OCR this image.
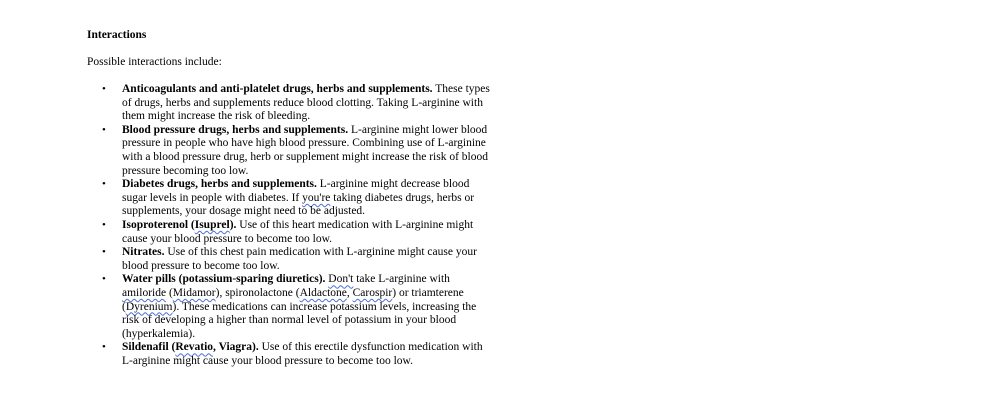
Interactions

Possible interactions include:

• Anticoagulants and anti-platelet drugs, herbs and supplements. These types of drugs, herbs and supplements reduce blood clotting. Taking L-arginine with them might increase the risk of bleeding.
• Blood pressure drugs, herbs and supplements. L-arginine might lower blood pressure in people who have high blood pressure. Combining use of L-arginine with a blood pressure drug, herb or supplement might increase the risk of blood pressure becoming too low.
• Diabetes drugs, herbs and supplements. L-arginine might decrease blood sugar levels in people with diabetes. If you're taking diabetes drugs, herbs or supplements, your dosage might need to be adjusted.
• Isoproterenol (Isuprel). Use of this heart medication with L-arginine might cause your blood pressure to become too low.
• Nitrates. Use of this chest pain medication with L-arginine might cause your blood pressure to become too low.
• Water pills (potassium-sparing diuretics). Don't take L-arginine with amiloride (Midamor), spironolactone (Aldactone, Carospir) or triamterene (Dyrenium). These medications can increase potassium levels, increasing the risk of developing a higher than normal level of potassium in your blood (hyperkalemia).
• Sildenafil (Revatio, Viagra). Use of this erectile dysfunction medication with L-arginine might cause your blood pressure to become too low.
